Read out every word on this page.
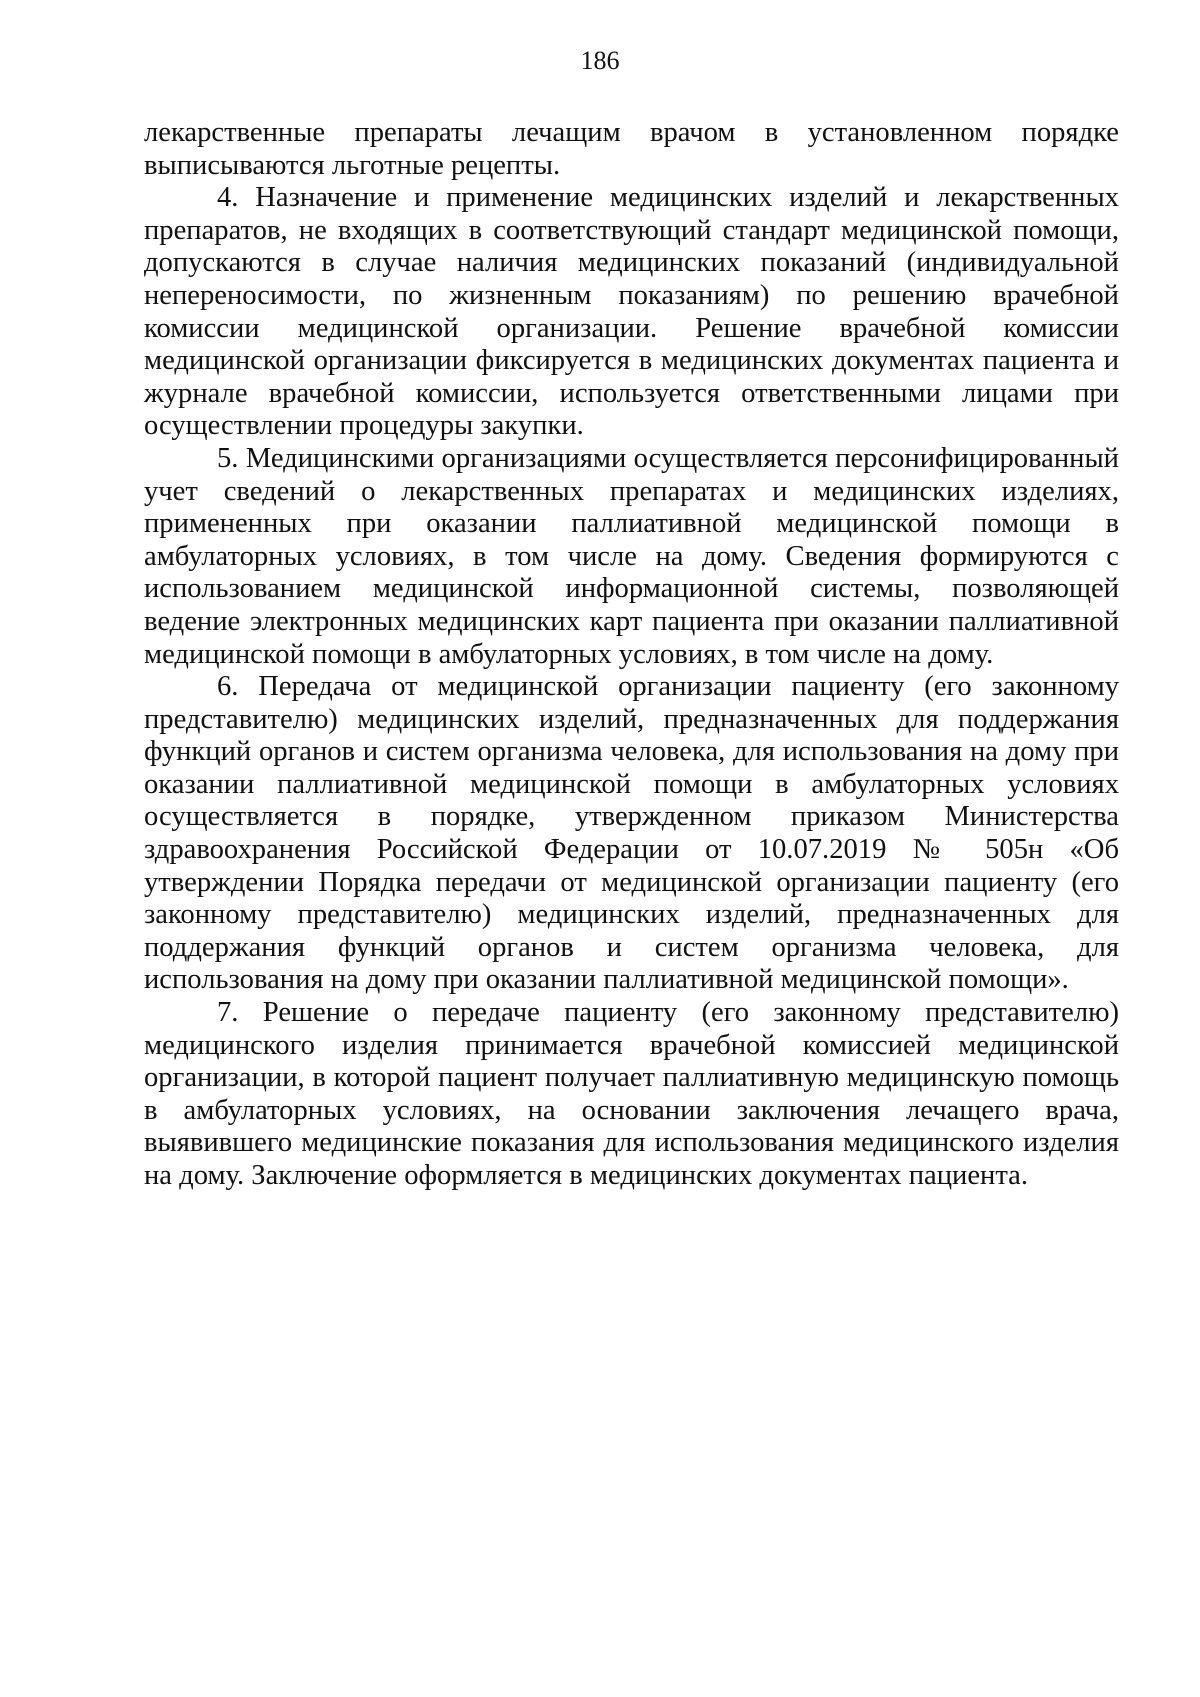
186

лекарственные препараты лечащим врачом в установленном порядке выписываются льготные рецепты.

4. Назначение и применение медицинских изделий и лекарственных препаратов, не входящих в соответствующий стандарт медицинской помощи, допускаются в случае наличия медицинских показаний (индивидуальной непереносимости, по жизненным показаниям) по решению врачебной комиссии медицинской организации. Решение врачебной комиссии медицинской организации фиксируется в медицинских документах пациента и журнале врачебной комиссии, используется ответственными лицами при осуществлении процедуры закупки.

5. Медицинскими организациями осуществляется персонифицированный учет сведений о лекарственных препаратах и медицинских изделиях, примененных при оказании паллиативной медицинской помощи в амбулаторных условиях, в том числе на дому. Сведения формируются с использованием медицинской информационной системы, позволяющей ведение электронных медицинских карт пациента при оказании паллиативной медицинской помощи в амбулаторных условиях, в том числе на дому.

6. Передача от медицинской организации пациенту (его законному представителю) медицинских изделий, предназначенных для поддержания функций органов и систем организма человека, для использования на дому при оказании паллиативной медицинской помощи в амбулаторных условиях осуществляется в порядке, утвержденном приказом Министерства здравоохранения Российской Федерации от 10.07.2019 № 505н «Об утверждении Порядка передачи от медицинской организации пациенту (его законному представителю) медицинских изделий, предназначенных для поддержания функций органов и систем организма человека, для использования на дому при оказании паллиативной медицинской помощи».

7. Решение о передаче пациенту (его законному представителю) медицинского изделия принимается врачебной комиссией медицинской организации, в которой пациент получает паллиативную медицинскую помощь в амбулаторных условиях, на основании заключения лечащего врача, выявившего медицинские показания для использования медицинского изделия на дому. Заключение оформляется в медицинских документах пациента.
